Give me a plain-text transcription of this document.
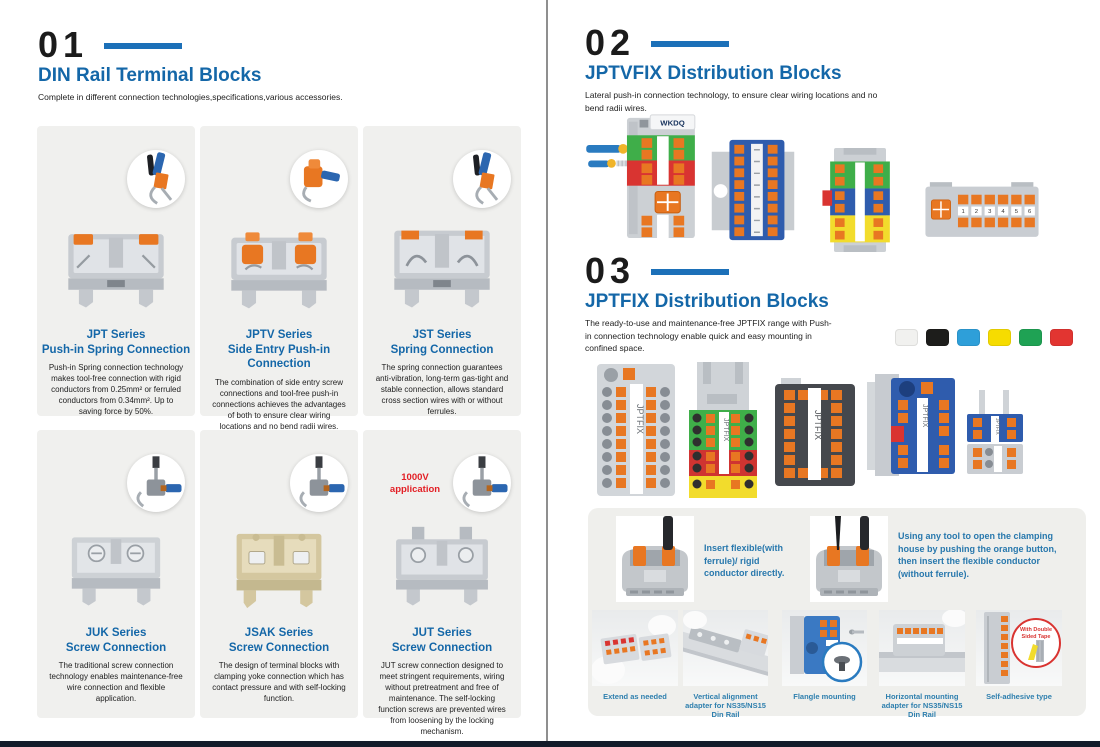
01
DIN Rail Terminal Blocks
Complete in different connection technologies,specifications,various accessories.
JPT Series
Push-in Spring Connection

Push-in Spring connection technology makes tool-free connection with rigid conductors from 0.25mm² or ferruled conductors from 0.34mm². Up to saving force by 50%.

JPTV Series
Side Entry Push-in Connection

The combination of side entry screw connections and tool-free push-in connections achieves the advantages of both to ensure clear wiring locations and no bend radii wires.

JST Series
Spring Connection

The spring connection guarantees anti-vibration, long-term gas-tight and stable connection, allows standard cross section wires with or without ferrules.

JUK Series
Screw Connection

The traditional screw connection technology enables maintenance-free wire connection and flexible application.

JSAK Series
Screw Connection

The design of terminal blocks with clamping yoke connection which has contact pressure and with self-locking function.

1000V application
JUT Series
Screw Connection

JUT screw connection designed to meet stringent requirements, wiring without pretreatment and free of maintenance. The self-locking function screws are prevented wires from loosening by the locking mechanism.

02
JPTVFIX Distribution Blocks
Lateral push-in connection technology, to ensure clear wiring locations and no bend radii wires.
WKDQ
1 2 3 4 5 6
03
JPTFIX Distribution Blocks
The ready-to-use and maintenance-free JPTFIX range with Push-in connection technology enable quick and easy mounting in confined space.
JPTFIX	JPTFIX	JPTFIX	JPTFIX	JPTFIX
Insert flexible(with ferrule)/ rigid conductor directly.
Using any tool to open the clamping house by pushing the orange button, then insert the flexible conductor (without ferrule).
With Double Sided Tape
Extend as needed	Vertical alignment adapter for NS35/NS15 Din Rail
Flangle mounting	Horizontal mounting adapter for NS35/NS15 Din Rail
Self-adhesive type
